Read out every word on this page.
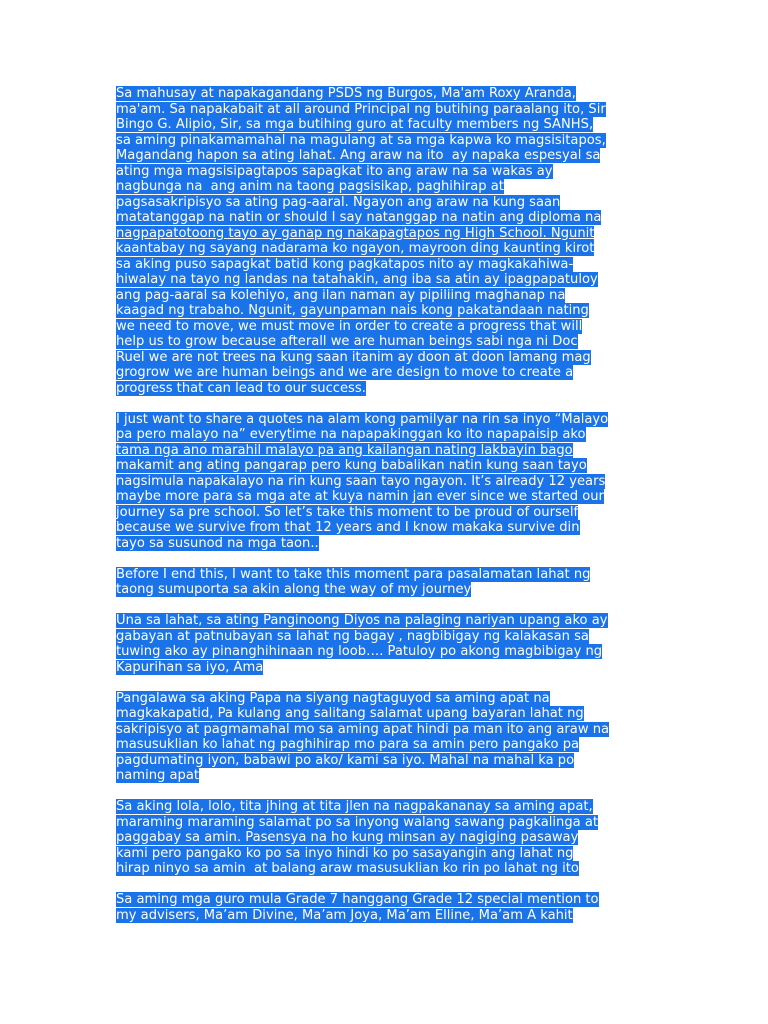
Sa mahusay at napakagandang PSDS ng Burgos, Ma'am Roxy Aranda,
ma'am. Sa napakabait at all around Principal ng butihing paraalang ito, Sir
Bingo G. Alipio, Sir, sa mga butihing guro at faculty members ng SANHS,
sa aming pinakamamahal na magulang at sa mga kapwa ko magsisitapos,
Magandang hapon sa ating lahat. Ang araw na ito  ay napaka espesyal sa
ating mga magsisipagtapos sapagkat ito ang araw na sa wakas ay
nagbunga na  ang anim na taong pagsisikap, paghihirap at
pagsasakripisyo sa ating pag-aaral. Ngayon ang araw na kung saan
matatanggap na natin or should I say natanggap na natin ang diploma na
nagpapatotoong tayo ay ganap ng nakapagtapos ng High School. Ngunit
kaantabay ng sayang nadarama ko ngayon, mayroon ding kaunting kirot
sa aking puso sapagkat batid kong pagkatapos nito ay magkakahiwa-
hiwalay na tayo ng landas na tatahakin, ang iba sa atin ay ipagpapatuloy
ang pag-aaral sa kolehiyo, ang ilan naman ay pipiliing maghanap na
kaagad ng trabaho. Ngunit, gayunpaman nais kong pakatandaan nating
we need to move, we must move in order to create a progress that will
help us to grow because afterall we are human beings sabi nga ni Doc
Ruel we are not trees na kung saan itanim ay doon at doon lamang mag
grogrow we are human beings and we are design to move to create a
progress that can lead to our success.
I just want to share a quotes na alam kong pamilyar na rin sa inyo “Malayo
pa pero malayo na” everytime na napapakinggan ko ito napapaisip ako
tama nga ano marahil malayo pa ang kailangan nating lakbayin bago
makamit ang ating pangarap pero kung babalikan natin kung saan tayo
nagsimula napakalayo na rin kung saan tayo ngayon. It’s already 12 years
maybe more para sa mga ate at kuya namin jan ever since we started our
journey sa pre school. So let’s take this moment to be proud of ourself
because we survive from that 12 years and I know makaka survive din
tayo sa susunod na mga taon..
Before I end this, I want to take this moment para pasalamatan lahat ng
taong sumuporta sa akin along the way of my journey
Una sa lahat, sa ating Panginoong Diyos na palaging nariyan upang ako ay
gabayan at patnubayan sa lahat ng bagay , nagbibigay ng kalakasan sa
tuwing ako ay pinanghihinaan ng loob…. Patuloy po akong magbibigay ng
Kapurihan sa iyo, Ama
Pangalawa sa aking Papa na siyang nagtaguyod sa aming apat na
magkakapatid, Pa kulang ang salitang salamat upang bayaran lahat ng
sakripisyo at pagmamahal mo sa aming apat hindi pa man ito ang araw na
masusuklian ko lahat ng paghihirap mo para sa amin pero pangako pa
pagdumating iyon, babawi po ako/ kami sa iyo. Mahal na mahal ka po
naming apat
Sa aking lola, lolo, tita jhing at tita jlen na nagpakananay sa aming apat,
maraming maraming salamat po sa inyong walang sawang pagkalinga at
paggabay sa amin. Pasensya na ho kung minsan ay nagiging pasaway
kami pero pangako ko po sa inyo hindi ko po sasayangin ang lahat ng
hirap ninyo sa amin  at balang araw masusuklian ko rin po lahat ng ito
Sa aming mga guro mula Grade 7 hanggang Grade 12 special mention to
my advisers, Ma’am Divine, Ma’am Joya, Ma’am Elline, Ma’am A kahit
